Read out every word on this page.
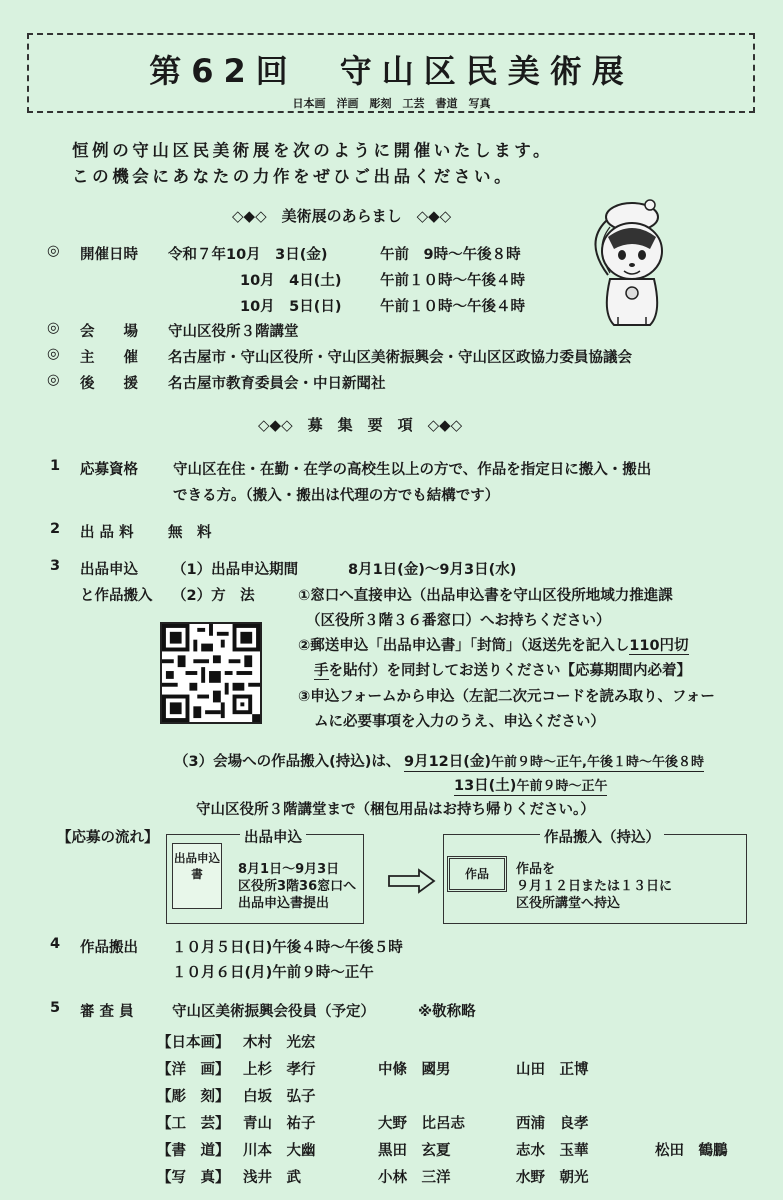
第62回　守山区民美術展
日本画　洋画　彫刻　工芸　書道　写真
恒例の守山区民美術展を次のように開催いたします。
この機会にあなたの力作をぜひご出品ください。
◇◆◇　美術展のあらまし　◇◆◇
◎ 開催日時 令和７年10月　3日(金)	午前　9時～午後８時
10月　4日(土)	午前１０時～午後４時
10月　5日(日)	午前１０時～午後４時
◎ 会　　場 守山区役所３階講堂
◎ 主　　催 名古屋市・守山区役所・守山区美術振興会・守山区区政協力委員協議会
◎ 後　　援 名古屋市教育委員会・中日新聞社
◇◆◇　募　集　要　項　◇◆◇
1 応募資格 守山区在住・在勤・在学の高校生以上の方で、作品を指定日に搬入・搬出
できる方。（搬入・搬出は代理の方でも結構です）
2 出 品 料 無　料
3 出品申込
と作品搬入
（1）出品申込期間	8月1日(金)～9月3日(水)
（2）方　法	①窓口へ直接申込（出品申込書を守山区役所地域力推進課
（区役所３階３６番窓口）へお持ちください）
②郵送申込「出品申込書」「封筒」（返送先を記入し110円切
手を貼付）を同封してお送りください【応募期間内必着】
③申込フォームから申込（左記二次元コードを読み取り、フォー
ムに必要事項を入力のうえ、申込ください）
（3）会場への作品搬入(持込)は、 9月12日(金)午前９時～正午,午後１時～午後８時
13日(土)午前９時～正午
守山区役所３階講堂まで（梱包用品はお持ち帰りください。）
【応募の流れ】	出品申込
出品申込書	8月1日～9月3日
区役所3階36窓口へ
出品申込書提出
作品搬入（持込）
作品	作品を
９月１２日または１３日に
区役所講堂へ持込
4 作品搬出 １０月５日(日)午後４時～午後５時
１０月６日(月)午前９時～正午
5 審 査 員	守山区美術振興会役員（予定）	※敬称略
【日本画】 木村　光宏
【洋　画】 上杉　孝行	中條　國男	山田　正博
【彫　刻】 白坂　弘子
【工　芸】 青山　祐子	大野　比呂志	西浦　良孝
【書　道】 川本　大幽	黒田　玄夏	志水　玉華	松田　鶴鵬
【写　真】 浅井　武	小林　三洋	水野　朝光
